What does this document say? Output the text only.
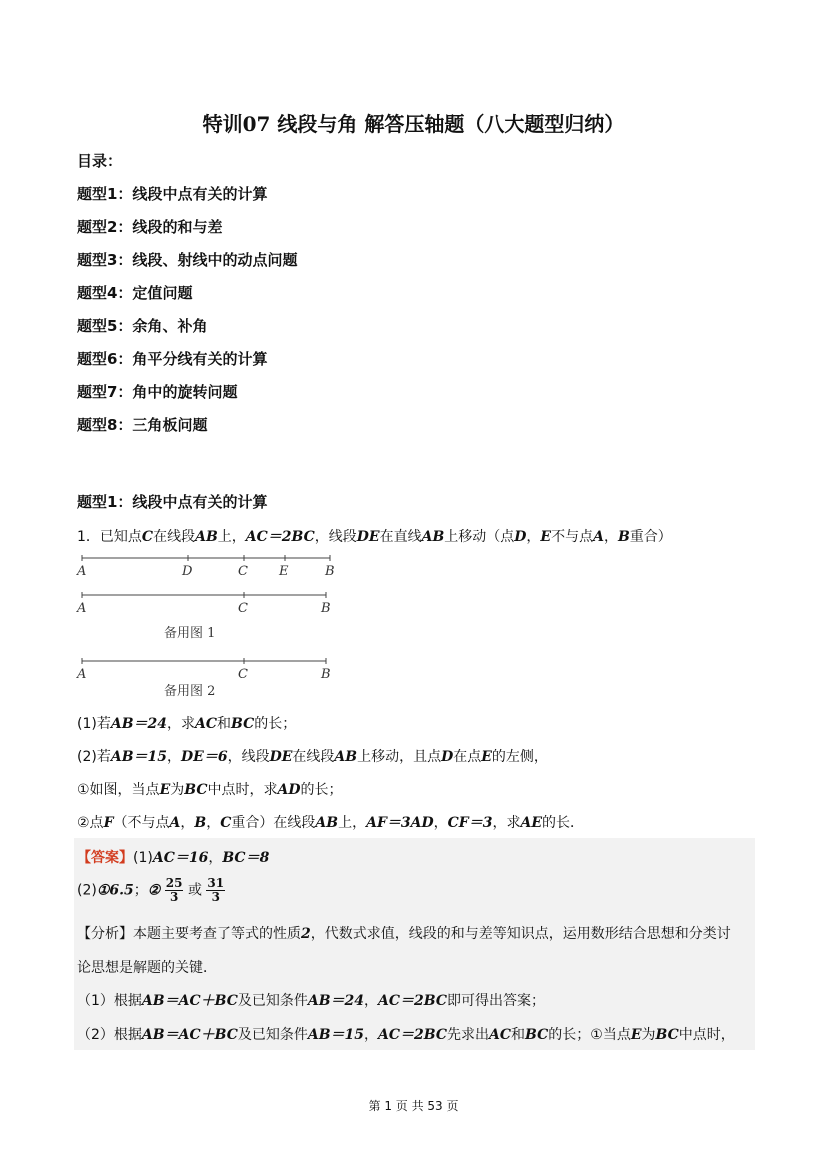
特训07 线段与角 解答压轴题（八大题型归纳）
目录：
题型1：线段中点有关的计算
题型2：线段的和与差
题型3：线段、射线中的动点问题
题型4：定值问题
题型5：余角、补角
题型6：角平分线有关的计算
题型7：角中的旋转问题
题型8：三角板问题
题型1：线段中点有关的计算
1．已知点C在线段AB上，AC＝2BC，线段DE在直线AB上移动（点D，E不与点A，B重合）
A	D	C E	B
A	C	B
备用图 1
A	C	B
备用图 2
(1)若AB＝24，求AC和BC的长；
(2)若AB＝15，DE＝6，线段DE在线段AB上移动，且点D在点E的左侧，
①如图，当点E为BC中点时，求AD的长；
②点F（不与点A，B，C重合）在线段AB上，AF＝3AD，CF＝3，求AE的长．
【答案】(1)AC＝16，BC＝8
(2)①6.5；② $\frac{25}{3}$ 或 $\frac{31}{3}$
【分析】本题主要考查了等式的性质2，代数式求值，线段的和与差等知识点，运用数形结合思想和分类讨
论思想是解题的关键．
（1）根据AB＝AC＋BC及已知条件AB＝24，AC＝2BC即可得出答案；
（2）根据AB＝AC＋BC及已知条件AB＝15，AC＝2BC先求出AC和BC的长；①当点E为BC中点时，
第 1 页 共 53 页
